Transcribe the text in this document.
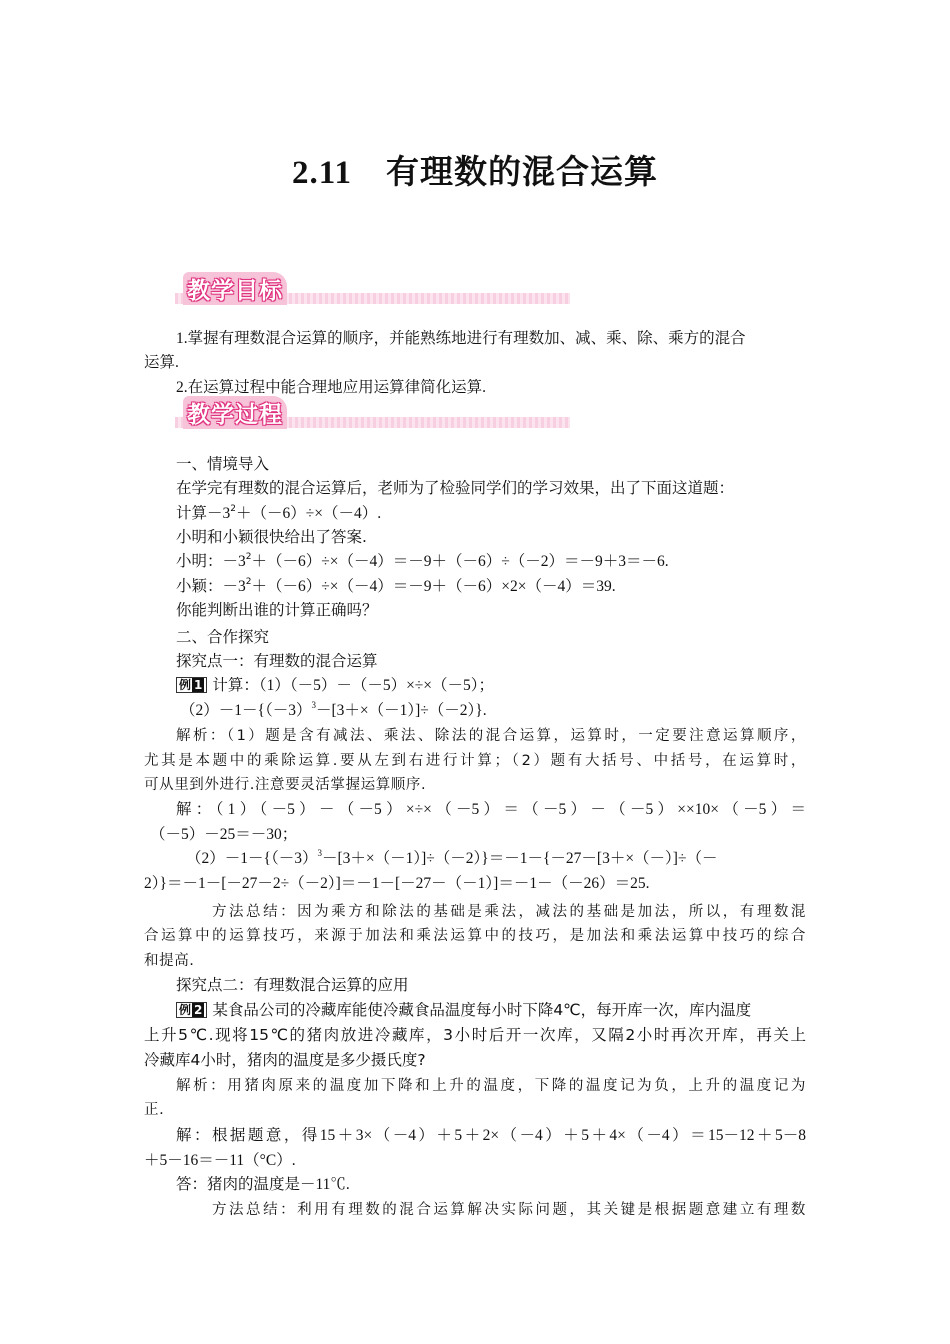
2.11 有理数的混合运算
教学目标
1.掌握有理数混合运算的顺序，并能熟练地进行有理数加、减、乘、除、乘方的混合
运算.
2.在运算过程中能合理地应用运算律简化运算.
教学过程
一、情境导入
在学完有理数的混合运算后，老师为了检验同学们的学习效果，出了下面这道题：
计算$-3^2+(-6)\div\times(-4)$.
小明和小颖很快给出了答案.
小明：$-3^2+(-6)\div\times(-4)=-9+(-6)\div(-2)=-9+3=-6$.
小颖：$-3^2+(-6)\div\times(-4)=-9+(-6)\times 2\times(-4)=39$.
你能判断出谁的计算正确吗？
二、合作探究
探究点一：有理数的混合运算
例 1 计算：（1）（－5）－（－5）×÷×（－5）；
$(2)-1-\{(-3)^3-[3+\times(-1)]\div(-2)\}$.
解析：（1）题是含有减法、乘法、除法的混合运算，运算时，一定要注意运算顺序，
尤其是本题中的乘除运算.要从左到右进行计算；（2）题有大括号、中括号，在运算时，
可从里到外进行.注意要灵活掌握运算顺序.
解：（1）（－5）－（－5）×÷×（－5）＝（－5）－（－5）××10×（－5）＝
（－5）－25＝－30；
$(2)-1-\{(-3)^3-[3+\times(-1)]\div(-2)\}=-1-\{-27-[3+\times(-)]\div(-$
2）}＝－1－[－27－2÷（－2）]＝－1－[－27－（－1）]＝－1－（－26）＝25.
方法总结：因为乘方和除法的基础是乘法，减法的基础是加法，所以，有理数混
合运算中的运算技巧，来源于加法和乘法运算中的技巧，是加法和乘法运算中技巧的综合
和提高.
探究点二：有理数混合运算的应用
例 2 某食品公司的冷藏库能使冷藏食品温度每小时下降4℃，每开库一次，库内温度
上升5℃.现将15℃的猪肉放进冷藏库，3小时后开一次库，又隔2小时再次开库，再关上
冷藏库4小时，猪肉的温度是多少摄氏度?
解析：用猪肉原来的温度加下降和上升的温度，下降的温度记为负，上升的温度记为
正.
解：根据题意，得15＋3×（－4）＋5＋2×（－4）＋5＋4×（－4）＝15－12＋5－8
＋5－16＝－11（°C）.
答：猪肉的温度是－11℃.
方法总结：利用有理数的混合运算解决实际问题，其关键是根据题意建立有理数
